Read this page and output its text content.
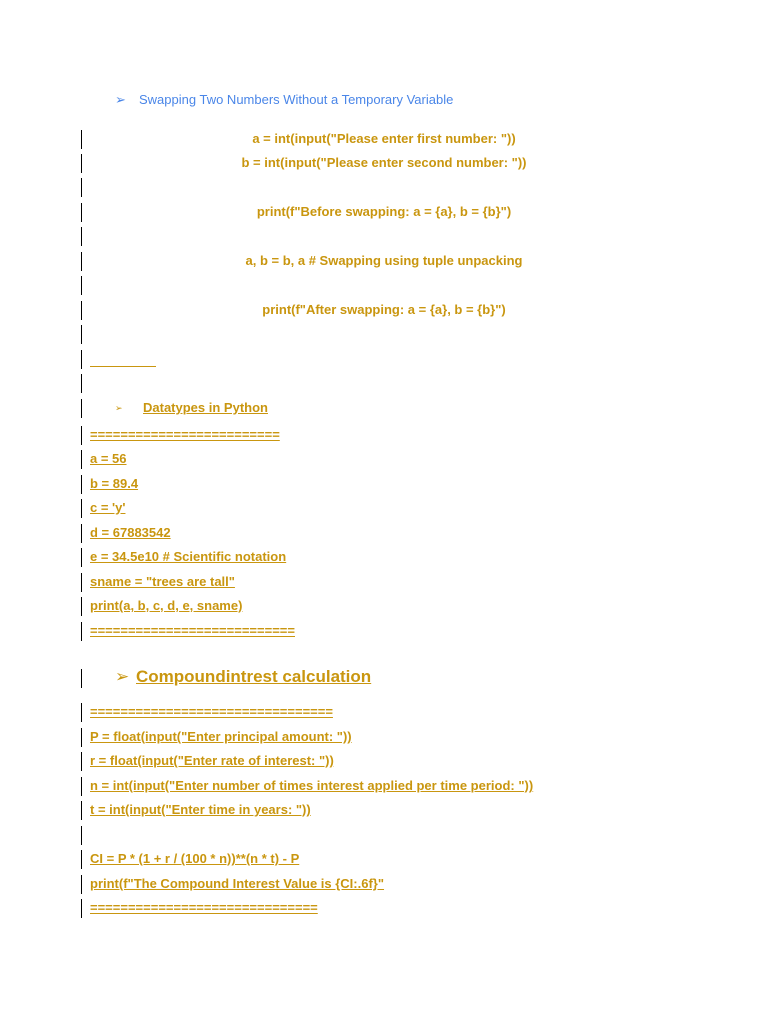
➢ Swapping Two Numbers Without a Temporary Variable
a = int(input("Please enter first number: "))
b = int(input("Please enter second number: "))
print(f"Before swapping: a = {a}, b = {b}")
a, b = b, a # Swapping using tuple unpacking
print(f"After swapping: a = {a}, b = {b}")
➢ Datatypes in Python
=========================
a = 56
b = 89.4
c = 'y'
d = 67883542
e = 34.5e10 # Scientific notation
sname = "trees are tall"
print(a, b, c, d, e, sname)
===========================
➢ Compoundintrest calculation
================================
P = float(input("Enter principal amount: "))
r = float(input("Enter rate of interest: "))
n = int(input("Enter number of times interest applied per time period: "))
t = int(input("Enter time in years: "))
CI = P * (1 + r / (100 * n))**(n * t) - P
print(f"The Compound Interest Value is {CI:.6f}"
==============================
